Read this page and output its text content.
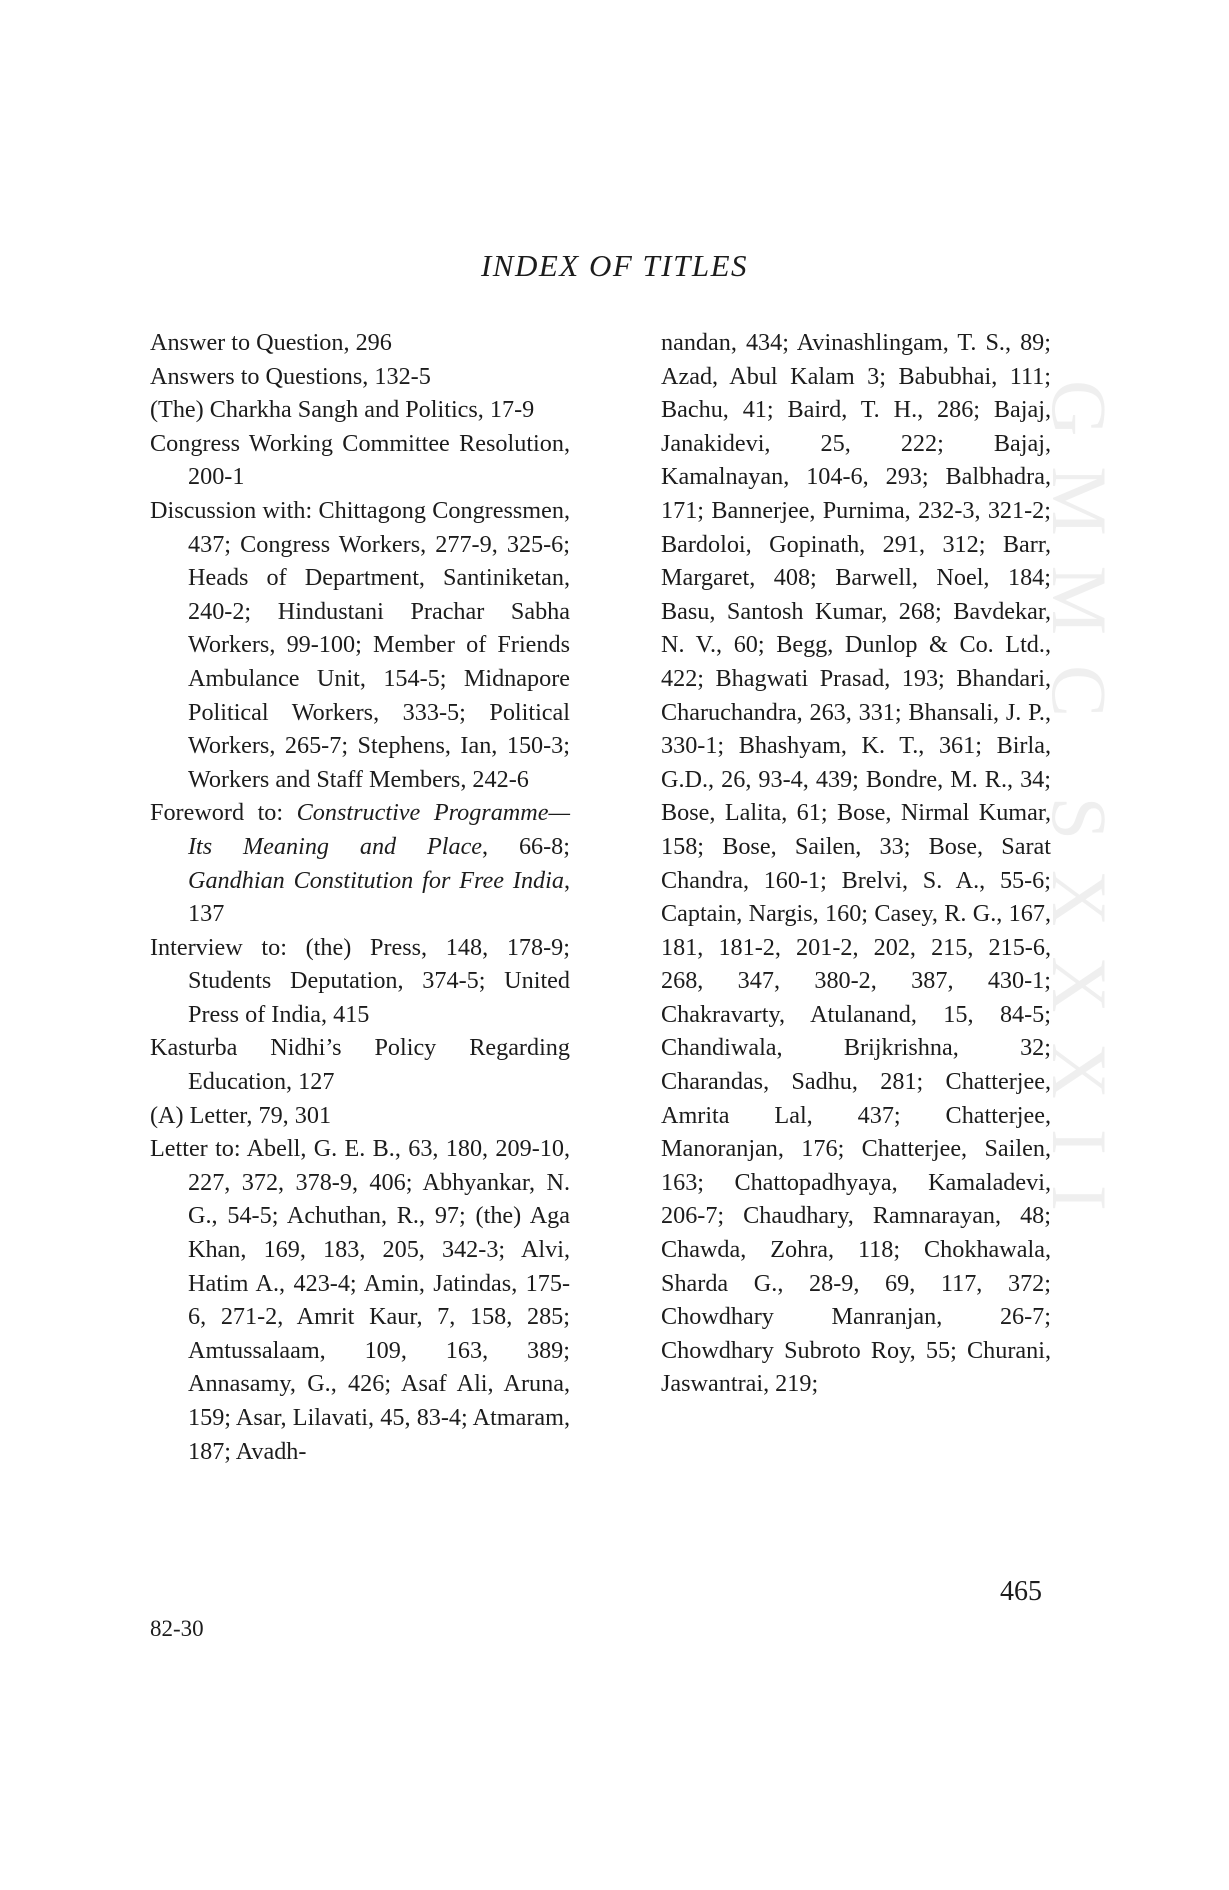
GMMC SXXXII
INDEX OF TITLES
Answer to Question, 296
Answers to Questions, 132-5
(The) Charkha Sangh and Politics, 17-9
Congress Working Committee Resolution, 200-1
Discussion with: Chittagong Congressmen, 437; Congress Workers, 277-9, 325-6; Heads of Department, Santiniketan, 240-2; Hindustani Prachar Sabha Workers, 99-100; Member of Friends Ambulance Unit, 154-5; Midnapore Political Workers, 333-5; Political Workers, 265-7; Stephens, Ian, 150-3; Workers and Staff Members, 242-6
Foreword to: Constructive Programme—Its Meaning and Place, 66-8; Gandhian Constitution for Free India, 137
Interview to: (the) Press, 148, 178-9; Students Deputation, 374-5; United Press of India, 415
Kasturba Nidhi’s Policy Regarding Education, 127
(A) Letter, 79, 301
Letter to: Abell, G. E. B., 63, 180, 209-10, 227, 372, 378-9, 406; Abhyankar, N. G., 54-5; Achuthan, R., 97; (the) Aga Khan, 169, 183, 205, 342-3; Alvi, Hatim A., 423-4; Amin, Jatindas, 175-6, 271-2, Amrit Kaur, 7, 158, 285; Amtussalaam, 109, 163, 389; Annasamy, G., 426; Asaf Ali, Aruna, 159; Asar, Lilavati, 45, 83-4; Atmaram, 187; Avadh-
nandan, 434; Avinashlingam, T. S., 89; Azad, Abul Kalam 3; Babubhai, 111; Bachu, 41; Baird, T. H., 286; Bajaj, Janakidevi, 25, 222; Bajaj, Kamalnayan, 104-6, 293; Balbhadra, 171; Bannerjee, Purnima, 232-3, 321-2; Bardoloi, Gopinath, 291, 312; Barr, Margaret, 408; Barwell, Noel, 184; Basu, Santosh Kumar, 268; Bavdekar, N. V., 60; Begg, Dunlop & Co. Ltd., 422; Bhagwati Prasad, 193; Bhandari, Charuchandra, 263, 331; Bhansali, J. P., 330-1; Bhashyam, K. T., 361; Birla, G.D., 26, 93-4, 439; Bondre, M. R., 34; Bose, Lalita, 61; Bose, Nirmal Kumar, 158; Bose, Sailen, 33; Bose, Sarat Chandra, 160-1; Brelvi, S. A., 55-6; Captain, Nargis, 160; Casey, R. G., 167, 181, 181-2, 201-2, 202, 215, 215-6, 268, 347, 380-2, 387, 430-1; Chakravarty, Atulanand, 15, 84-5; Chandiwala, Brijkrishna, 32; Charandas, Sadhu, 281; Chatterjee, Amrita Lal, 437; Chatterjee, Manoranjan, 176; Chatterjee, Sailen, 163; Chattopadhyaya, Kamaladevi, 206-7; Chaudhary, Ramnarayan, 48; Chawda, Zohra, 118; Chokhawala, Sharda G., 28-9, 69, 117, 372; Chowdhary Manranjan, 26-7; Chowdhary Subroto Roy, 55; Churani, Jaswantrai, 219;
465
82-30
